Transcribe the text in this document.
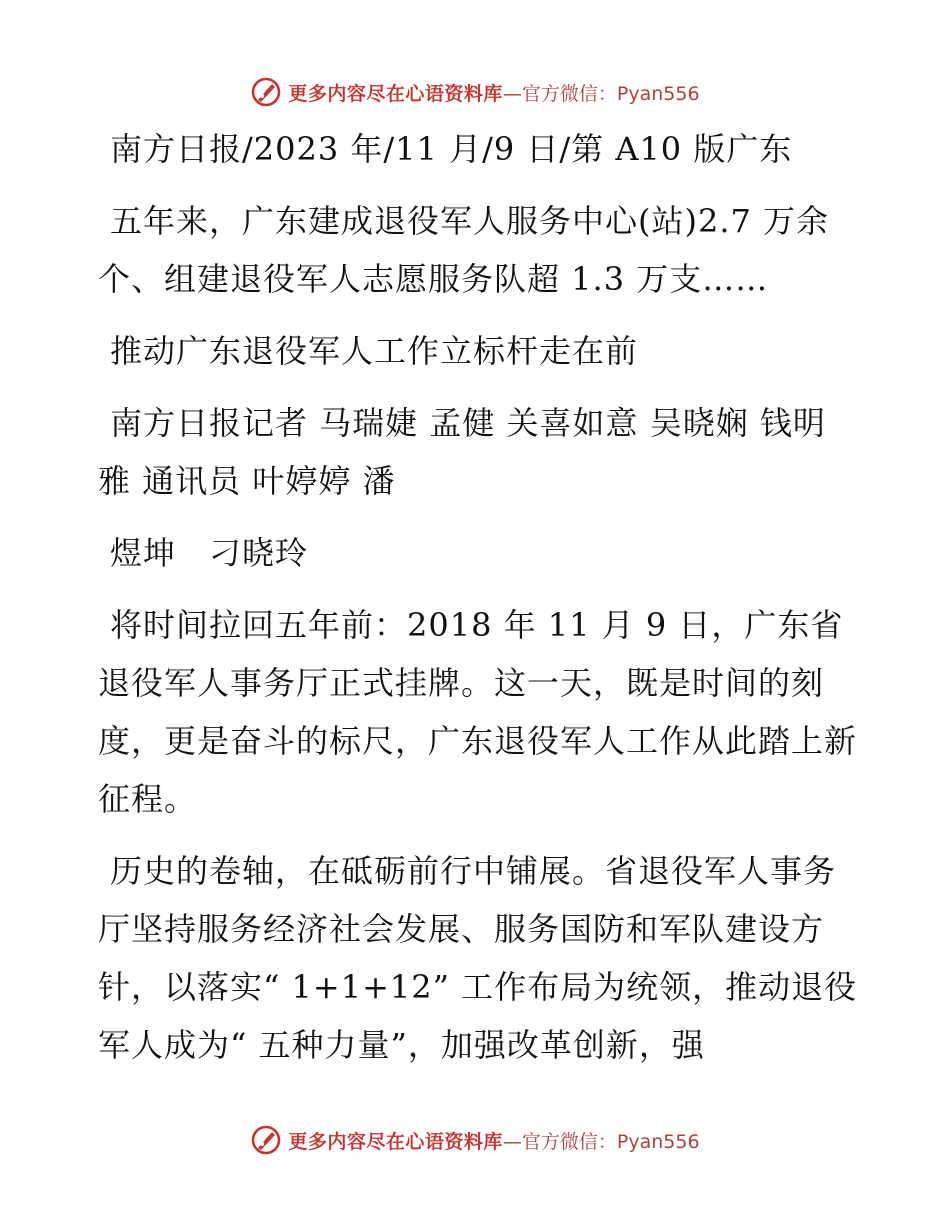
更多内容尽在心语资料库 —官方微信：Pyan556

南方日报/2023 年/11 月/9 日/第 A10 版广东

五年来，广东建成退役军人服务中心(站)2.7 万余个、组建退役军人志愿服务队超 1.3 万支……

推动广东退役军人工作立标杆走在前

南方日报记者 马瑞婕 孟健 关喜如意 吴晓娴 钱明雅 通讯员 叶婷婷 潘

煜坤　刁晓玲

将时间拉回五年前：2018 年 11 月 9 日，广东省退役军人事务厅正式挂牌。这一天，既是时间的刻度，更是奋斗的标尺，广东退役军人工作从此踏上新征程。

历史的卷轴，在砥砺前行中铺展。省退役军人事务厅坚持服务经济社会发展、服务国防和军队建设方针，以落实“ 1+1+12” 工作布局为统领，推动退役军人成为“ 五种力量”，加强改革创新，强

更多内容尽在心语资料库 —官方微信：Pyan556
